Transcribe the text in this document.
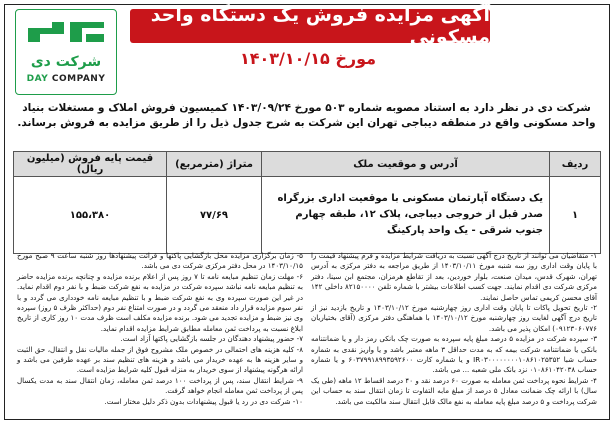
آگهی مزایده فروش یک دستگاه واحد مسکونی
مورخ ۱۴۰۳/۱۰/۱۵
شرکت دی
DAY COMPANY
شرکت دی در نظر دارد به استناد مصوبه شماره ۵۰۳ مورخ ۱۴۰۳/۰۹/۲۴ کمیسیون فروش املاک و مستغلات بنیاد واحد مسکونی واقع در منطقه دیباجی تهران این شرکت به شرح جدول ذیل را از طریق مزایده به فروش برساند.
ردیف	آدرس و موقعیت ملک	متراژ (مترمربع)	قیمت پایه فروش (میلیون ریال)
۱	یک دستگاه آپارتمان مسکونی با موقعیت اداری بزرگراه صدر قبل از خروجی دیباجی، پلاک ۱۲، طبقه چهارم جنوب شرقی - یک واحد پارکینگ	۷۷/۶۹	۱۵۵،۳۸۰

۱- متقاضیان می توانند از تاریخ درج آگهی نسبت به دریافت شرایط مزایده و فرم پیشنهاد قیمت را با پایان وقت اداری روز سه شنبه مورخ ۱۴۰۳/۱۰/۱۱ از طریق مراجعه به دفتر مرکزی به آدرس تهران، شهرک قدس، میدان صنعت، بلوار خوردین، بعد از تقاطع هرمزان، مجتمع ابن سینا، دفتر مرکزی شرکت دی اقدام نمایند. جهت کسب اطلاعات بیشتر با شماره تلفن ۸۲۱۵۰۰۰۰ داخلی ۱۴۲ آقای محسن کریمی تماس حاصل نمایند.

۲- تاریخ تحویل پاکات تا پایان وقت اداری روز چهارشنبه مورخ ۱۴۰۳/۱۰/۱۲ و تاریخ بازدید نیز از تاریخ درج آگهی لغایت روز چهارشنبه مورخ ۱۴۰۳/۱۰/۱۲ با هماهنگی دفتر مرکزی (آقای بختیاریان ۰۹۱۲۳۰۶۰۷۷۶) امکان پذیر می باشد.

۳- سپرده شرکت در مزایده ۵ درصد مبلغ پایه سپرده به صورت چک بانکی رمز دار و یا ضمانتنامه بانکی یا ضمانتنامه شرکت بیمه که به مدت حداقل ۳ ماهه معتبر باشد و یا واریز نقدی به شماره حساب شبا IR۰۳۰۰۰۰۰۰۰۰۱۰۸۶۱۰۲۵۳۵۲ و یا شماره کارت ۶۰۳۷۹۹۱۸۹۹۳۵۹۲۶۰۰ و یا شماره حساب ۰۱۰۸۶۱۰۴۲۰۳۸ نزد بانک ملی شعبه ... می باشد.

۴- شرایط نحوه پرداخت ثمن معامله به صورت ۶۰ درصد نقد و ۴۰ درصد اقساط ۱۲ ماهه (طی یک سال) با ارائه چک ضمانت معادل ۵ درصد از مبلغ مابه التفاوت تا زمان انتقال سند به حساب این شرکت پرداخت و ۵ درصد مبلغ پایه معامله به نفع مالک قابل انتقال سند مالکیت می باشد.

۵- زمان برگزاری مزایده محل بازگشایی پاکتها و قرائت پیشنهادها روز شنبه ساعت ۹ صبح مورخ ۱۴۰۳/۱۰/۱۵ در محل دفتر مرکزی شرکت دی می باشد.

۶- مهلت زمان تنظیم مبایعه نامه تا ۷ روز پس از اعلام برنده مزایده و چنانچه برنده مزایده حاضر به تنظیم مبایعه نامه نباشد سپرده شرکت در مزایده به نفع شرکت ضبط و با نفر دوم اقدام نماید. در غیر این صورت سپرده وی به نفع شرکت ضبط و با تنظیم مبایعه نامه خودداری می گردد و با نفر سوم مزایده قرار داد منعقد می گردد و در صورت امتناع نفر دوم (حداکثر ظرف ۵ روز) سپرده وی نیز ضبط و مزایده تجدید می شود. برنده مزایده مکلف است ظرف مدت ۱۰ روز کاری از تاریخ ابلاغ نسبت به پرداخت ثمن معامله مطابق شرایط مزایده اقدام نماید.

۷- حضور پیشنهاد دهندگان در جلسه بازگشایی پاکتها آزاد است.

۸- کلیه هزینه های احتمالی در خصوص ملک مشروح فوق از جمله مالیات نقل و انتقال، حق الثبت و سایر هزینه ها به عهده خریدار می باشد و هزینه های تنظیم سند بر عهده طرفین می باشد و ارائه هرگونه پیشنهاد از سوی خریدار به منزله قبول کلیه شرایط مزایده است.

۹- شرایط انتقال سند، پس از پرداخت ۱۰۰ درصد ثمن معامله، زمان انتقال سند به مدت یکسال پس از پرداخت ثمن معامله انجام خواهد گرفت.

۱۰- شرکت دی در رد یا قبول پیشنهادات بدون ذکر دلیل مختار است.
